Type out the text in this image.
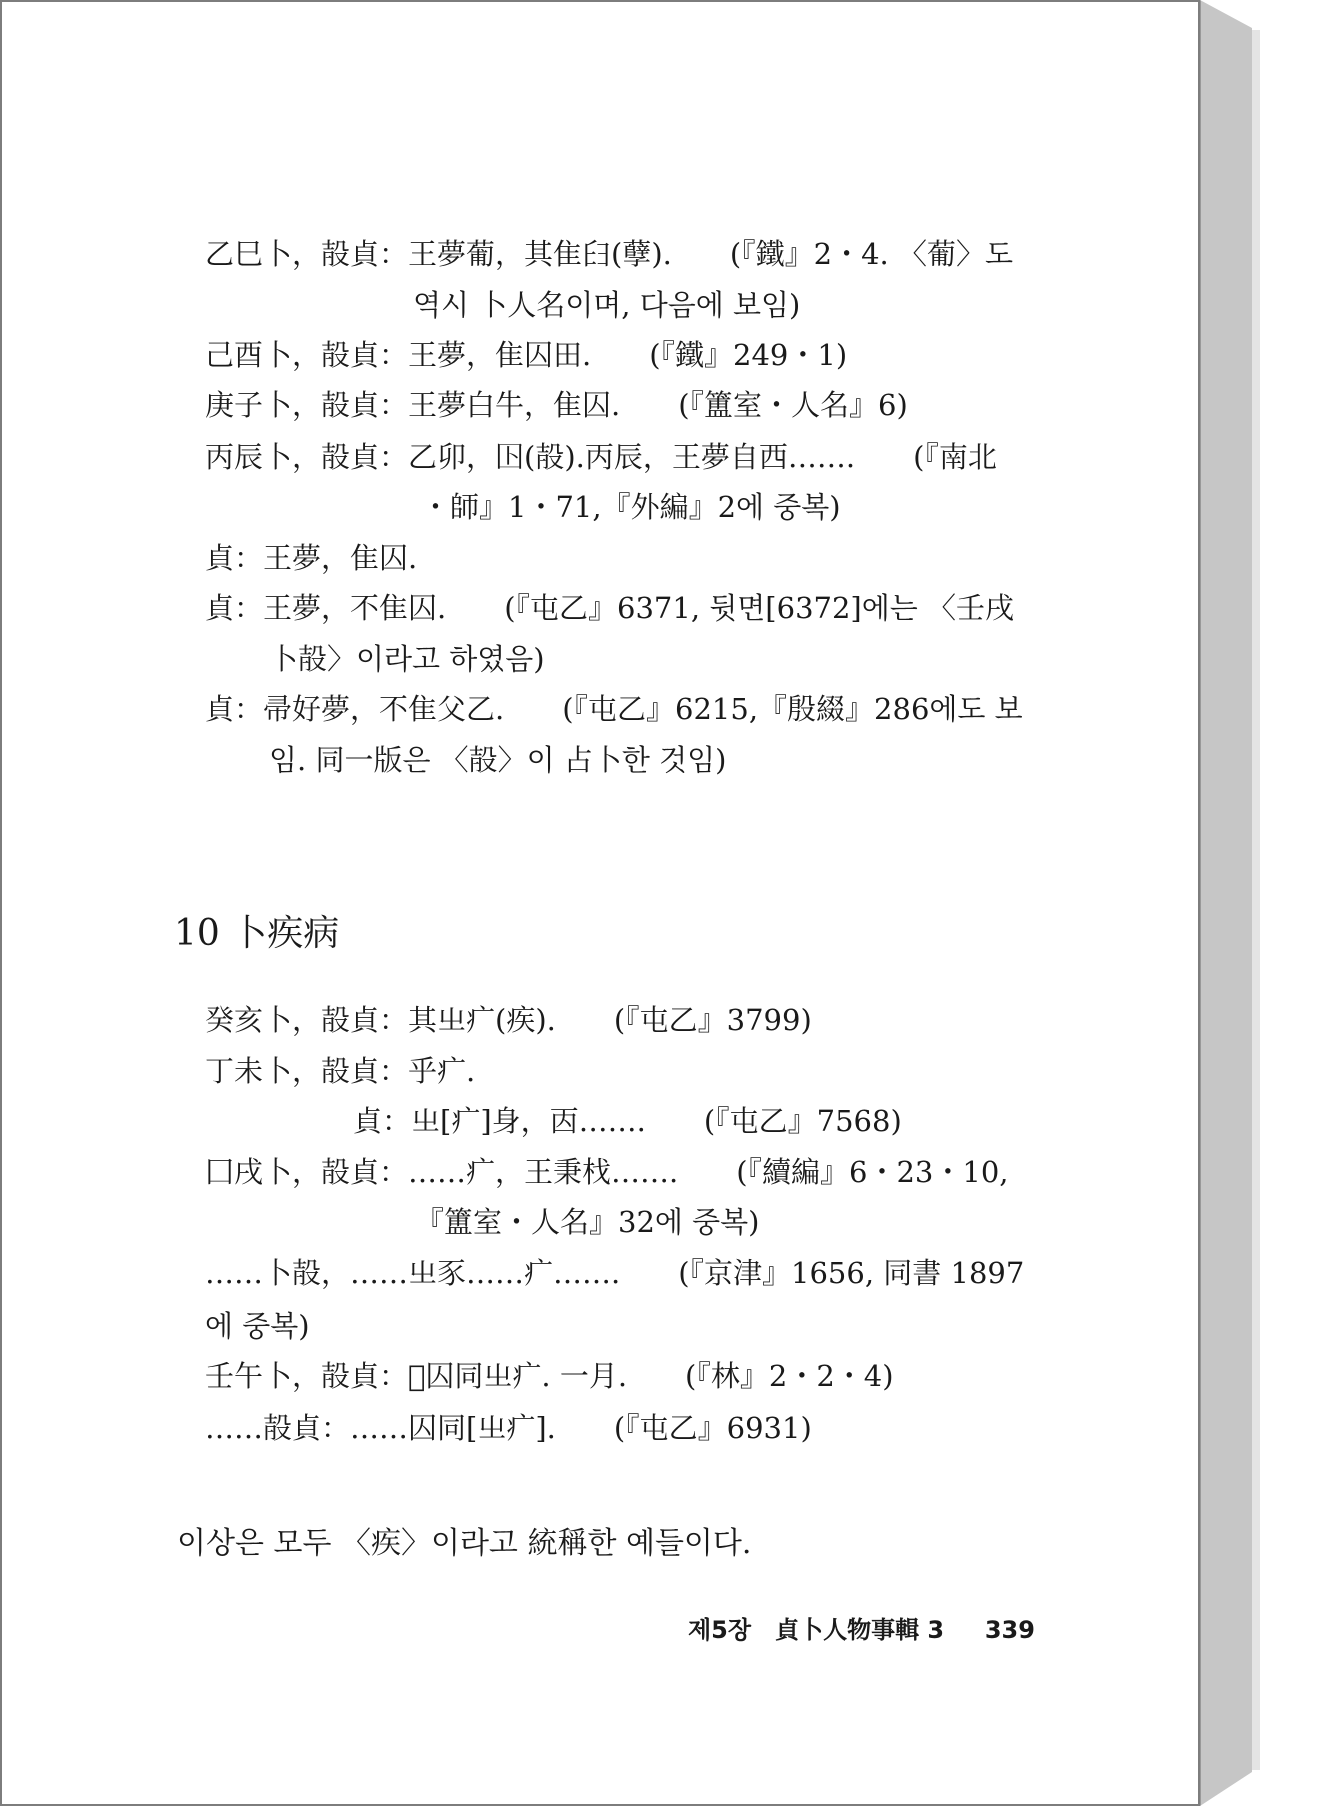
乙巳卜，㱿貞：王夢葡，其隹𦥑(孽).　　(『鐵』2・4. 〈葡〉도
역시 卜人名이며, 다음에 보임)
己酉卜，㱿貞：王夢，隹囚田.　　(『鐵』249・1)
庚子卜，㱿貞：王夢白牛，隹囚.　　(『簠室・人名』6)
丙辰卜，㱿貞：乙卯，𡆥(㱿).丙辰，王夢自西…….　　(『南北
・師』1・71,『外編』2에 중복)
貞：王夢，隹囚.
貞：王夢，不隹囚.　　(『屯乙』6371, 뒷면[6372]에는 〈壬戌
卜㱿〉이라고 하였음)
貞：帚好夢，不隹父乙.　　(『屯乙』6215,『殷綴』286에도 보
임. 同一版은 〈㱿〉이 占卜한 것임)
10 卜疾病
癸亥卜，㱿貞：其㞢疒(疾).　　(『屯乙』3799)
丁未卜，㱿貞：乎疒.
貞：㞢[疒]身，㐁…….　　(『屯乙』7568)
囗戌卜，㱿貞：……疒，王秉𣏾…….　　(『續編』6・23・10,
『簠室・人名』32에 중복)
……卜㱿，……㞢豕……疒…….　　(『京津』1656, 同書 1897
에 중복)
壬午卜，㱿貞：𦎫囚同㞢疒. 一月.　　(『林』2・2・4)
……㱿貞：……囚同[㞢疒].　　(『屯乙』6931)
이상은 모두 〈疾〉이라고 統稱한 예들이다.
제5장　貞卜人物事輯 3 339
